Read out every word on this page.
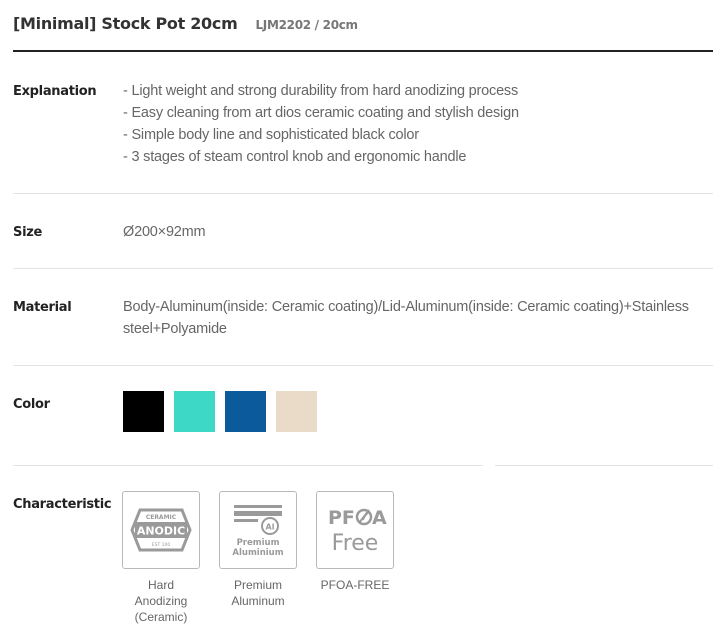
[Minimal] Stock Pot 20cm LJM2202 / 20cm
Explanation - Light weight and strong durability from hard anodizing process
- Easy cleaning from art dios ceramic coating and stylish design
- Simple body line and sophisticated black color
- 3 stages of steam control knob and ergonomic handle
Size	Ø200×92mm
Material	Body-Aluminum(inside: Ceramic coating)/Lid-Aluminum(inside: Ceramic coating)+Stainless steel+Polyamide
Color
Characteristic
CERAMIC
ANODIC
EST 100
Hard
Anodizing
(Ceramic)
Al
Premium
Aluminium
Premium
Aluminum
PF A
Free
PFOA-FREE
